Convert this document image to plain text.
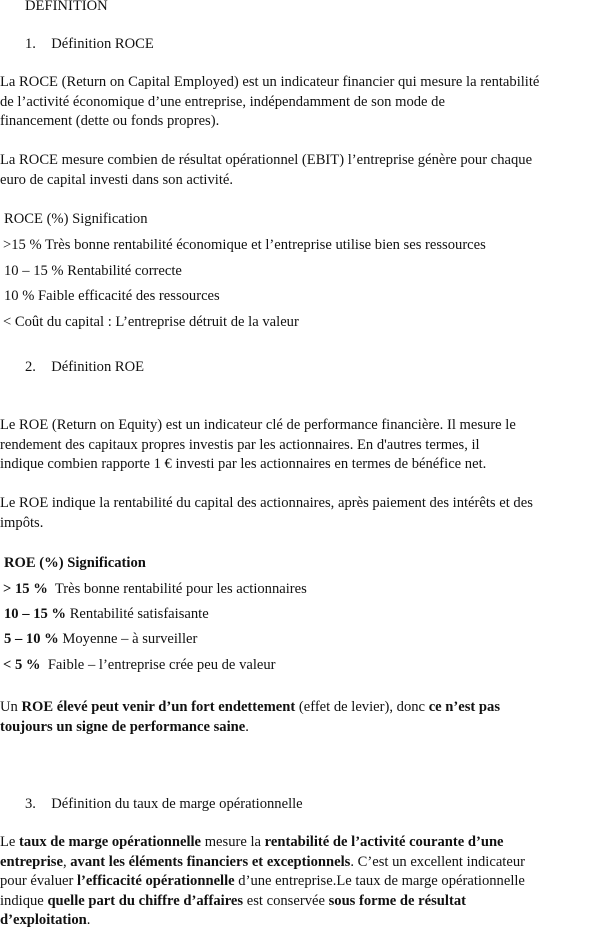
DEFINITION
1. Définition ROCE
La ROCE (Return on Capital Employed) est un indicateur financier qui mesure la rentabilité
de l’activité économique d’une entreprise, indépendamment de son mode de
financement (dette ou fonds propres).
La ROCE mesure combien de résultat opérationnel (EBIT) l’entreprise génère pour chaque
euro de capital investi dans son activité.
ROCE (%) Signification
>15 % Très bonne rentabilité économique et l’entreprise utilise bien ses ressources
10 – 15 % Rentabilité correcte
10 % Faible efficacité des ressources
< Coût du capital : L’entreprise détruit de la valeur
2. Définition ROE
Le ROE (Return on Equity) est un indicateur clé de performance financière. Il mesure le
rendement des capitaux propres investis par les actionnaires. En d'autres termes, il
indique combien rapporte 1 € investi par les actionnaires en termes de bénéfice net.
Le ROE indique la rentabilité du capital des actionnaires, après paiement des intérêts et des
impôts.
ROE (%) Signification
> 15 % Très bonne rentabilité pour les actionnaires
10 – 15 % Rentabilité satisfaisante
5 – 10 % Moyenne – à surveiller
< 5 % Faible – l’entreprise crée peu de valeur
Un ROE élevé peut venir d’un fort endettement (effet de levier), donc ce n’est pas
toujours un signe de performance saine.
3. Définition du taux de marge opérationnelle
Le taux de marge opérationnelle mesure la rentabilité de l’activité courante d’une
entreprise, avant les éléments financiers et exceptionnels. C’est un excellent indicateur
pour évaluer l’efficacité opérationnelle d’une entreprise.Le taux de marge opérationnelle
indique quelle part du chiffre d’affaires est conservée sous forme de résultat
d’exploitation.
